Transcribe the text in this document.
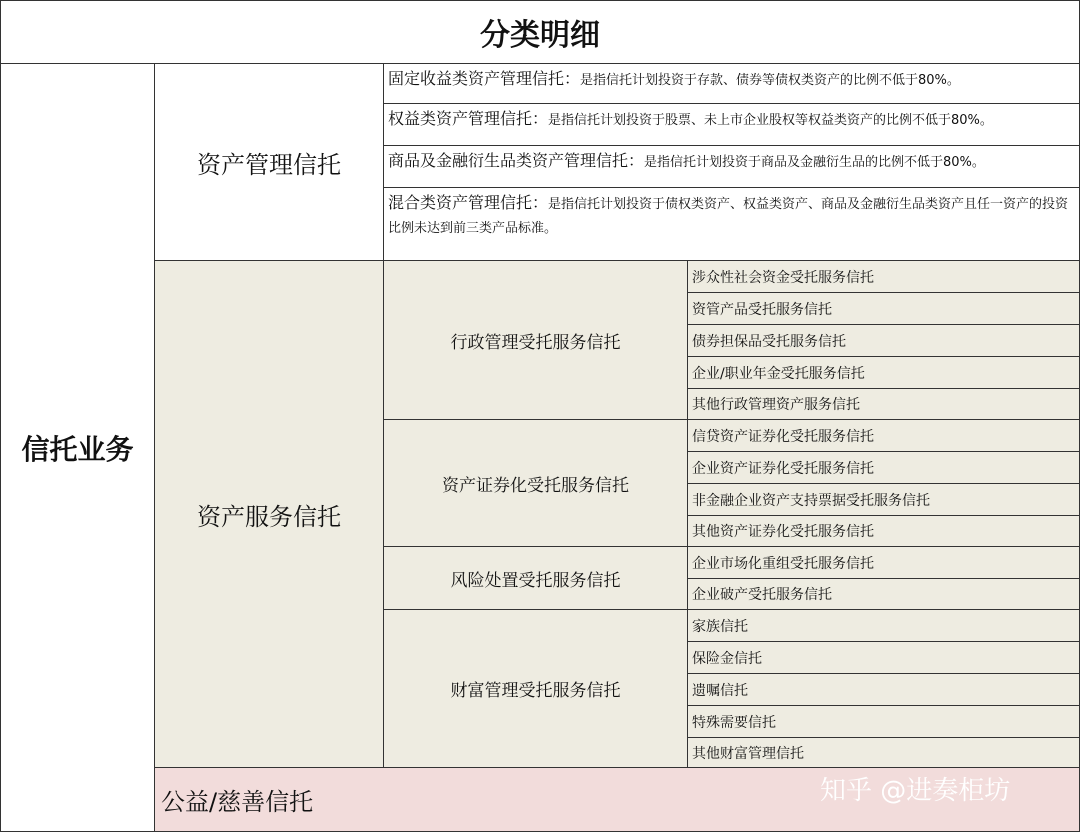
分类明细
信托业务
资产管理信托
固定收益类资产管理信托：是指信托计划投资于存款、债券等债权类资产的比例不低于80%。
权益类资产管理信托：是指信托计划投资于股票、未上市企业股权等权益类资产的比例不低于80%。
商品及金融衍生品类资产管理信托：是指信托计划投资于商品及金融衍生品的比例不低于80%。
混合类资产管理信托：是指信托计划投资于债权类资产、权益类资产、商品及金融衍生品类资产且任一资产的投资比例未达到前三类产品标准。
资产服务信托
行政管理受托服务信托
涉众性社会资金受托服务信托
资管产品受托服务信托
债券担保品受托服务信托
企业/职业年金受托服务信托
其他行政管理资产服务信托
资产证券化受托服务信托
信贷资产证券化受托服务信托
企业资产证券化受托服务信托
非金融企业资产支持票据受托服务信托
其他资产证券化受托服务信托
风险处置受托服务信托
企业市场化重组受托服务信托
企业破产受托服务信托
财富管理受托服务信托
家族信托
保险金信托
遗嘱信托
特殊需要信托
其他财富管理信托
公益/慈善信托	知乎 @进奏柜坊
